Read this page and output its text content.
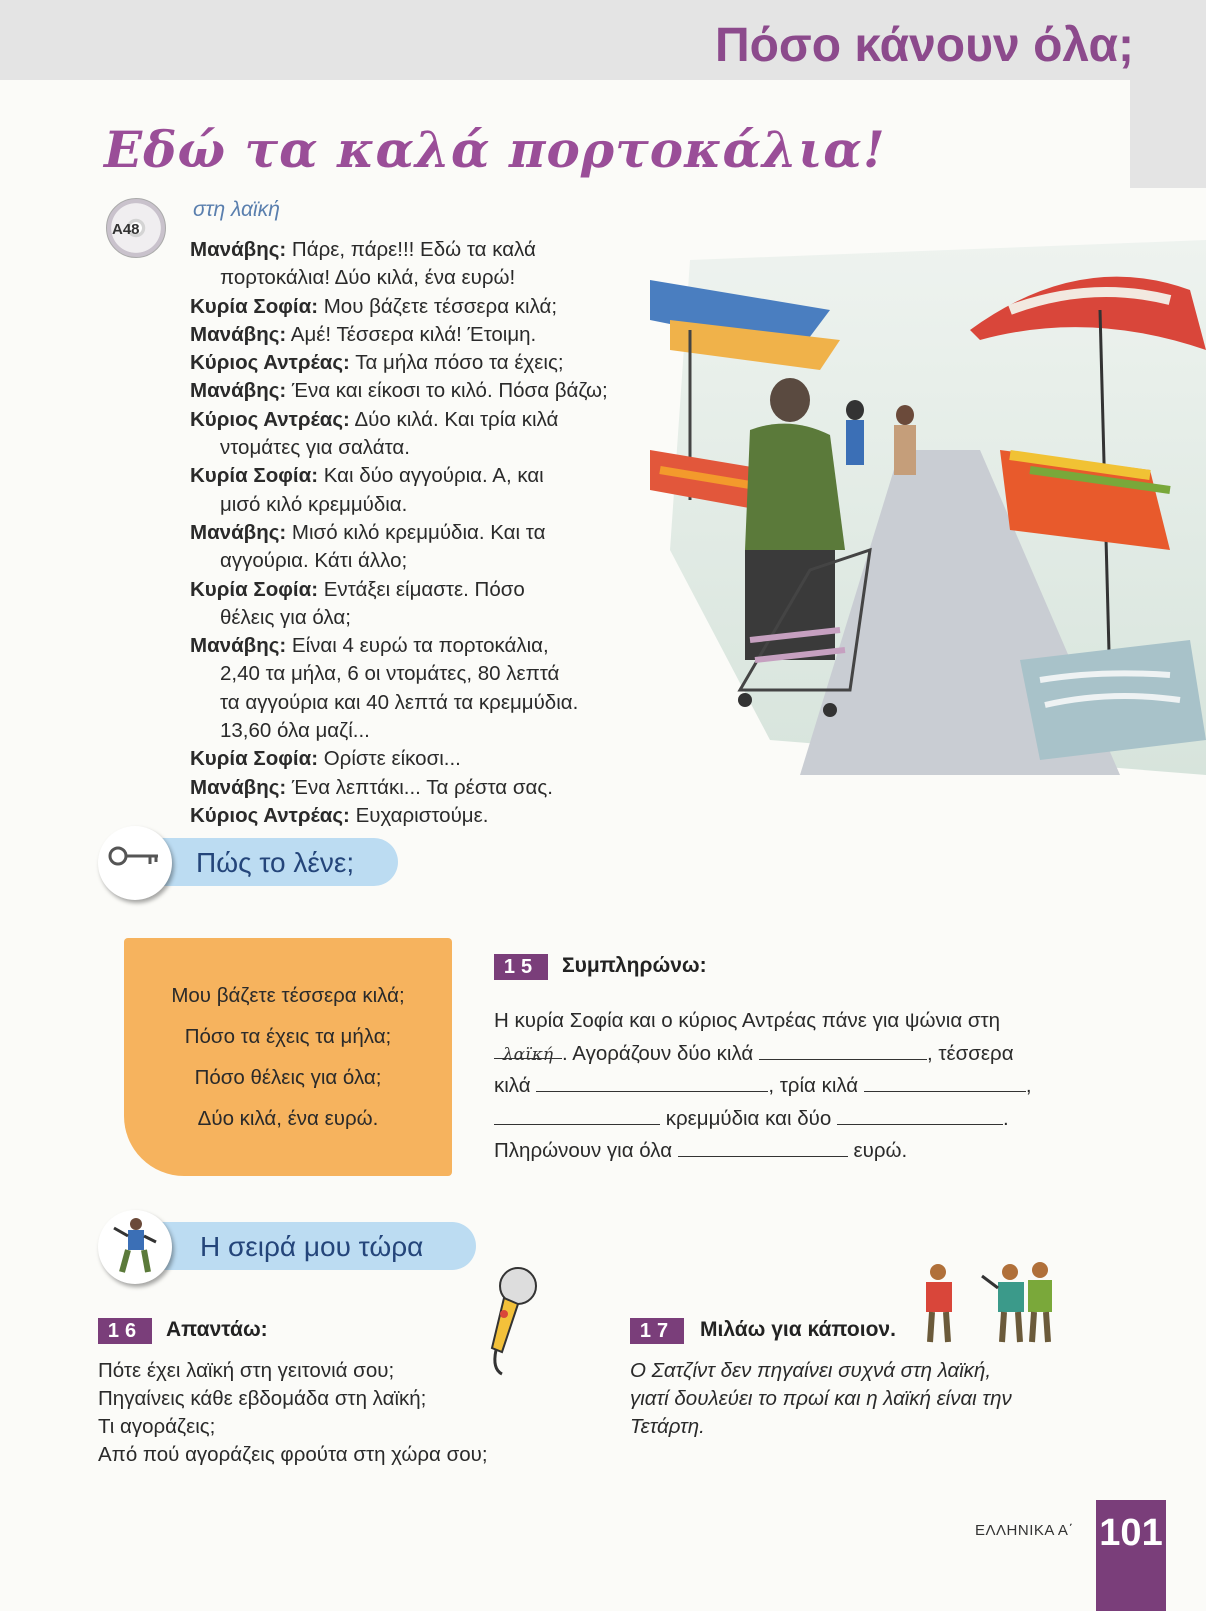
Πόσο κάνουν όλα;
Εδώ τα καλά πορτοκάλια!
A48
στη λαϊκή
Μανάβης: Πάρε, πάρε!!! Εδώ τα καλά
πορτοκάλια! Δύο κιλά, ένα ευρώ!
Κυρία Σοφία: Μου βάζετε τέσσερα κιλά;
Μανάβης: Αμέ! Τέσσερα κιλά! Έτοιμη.
Κύριος Αντρέας: Τα μήλα πόσο τα έχεις;
Μανάβης: Ένα και είκοσι το κιλό. Πόσα βάζω;
Κύριος Αντρέας: Δύο κιλά. Και τρία κιλά
ντομάτες για σαλάτα.
Κυρία Σοφία: Και δύο αγγούρια. Α, και
μισό κιλό κρεμμύδια.
Μανάβης: Μισό κιλό κρεμμύδια. Και τα
αγγούρια. Κάτι άλλο;
Κυρία Σοφία: Εντάξει είμαστε. Πόσο
θέλεις για όλα;
Μανάβης: Είναι 4 ευρώ τα πορτοκάλια,
2,40 τα μήλα, 6 οι ντομάτες, 80 λεπτά
τα αγγούρια και 40 λεπτά τα κρεμμύδια.
13,60 όλα μαζί...
Κυρία Σοφία: Ορίστε είκοσι...
Μανάβης: Ένα λεπτάκι... Τα ρέστα σας.
Κύριος Αντρέας: Ευχαριστούμε.
Πώς το λένε;
Μου βάζετε τέσσερα κιλά;
Πόσο τα έχεις τα μήλα;
Πόσο θέλεις για όλα;
Δύο κιλά, ένα ευρώ.
15	Συμπληρώνω:
Η κυρία Σοφία και ο κύριος Αντρέας πάνε για ψώνια στη
λαϊκή . Αγοράζουν δύο κιλά	, τέσσερα
κιλά	, τρία κιλά	,
κρεμμύδια και δύο	.
Πληρώνουν για όλα	ευρώ.
Η σειρά μου τώρα
16	Απαντάω:
Πότε έχει λαϊκή στη γειτονιά σου;
Πηγαίνεις κάθε εβδομάδα στη λαϊκή;
Τι αγοράζεις;
Από πού αγοράζεις φρούτα στη χώρα σου;
17	Μιλάω για κάποιον.
Ο Σατζίντ δεν πηγαίνει συχνά στη λαϊκή,
γιατί δουλεύει το πρωί και η λαϊκή είναι την
Τετάρτη.
ΕΛΛΗΝΙΚΑ Α΄ 101
